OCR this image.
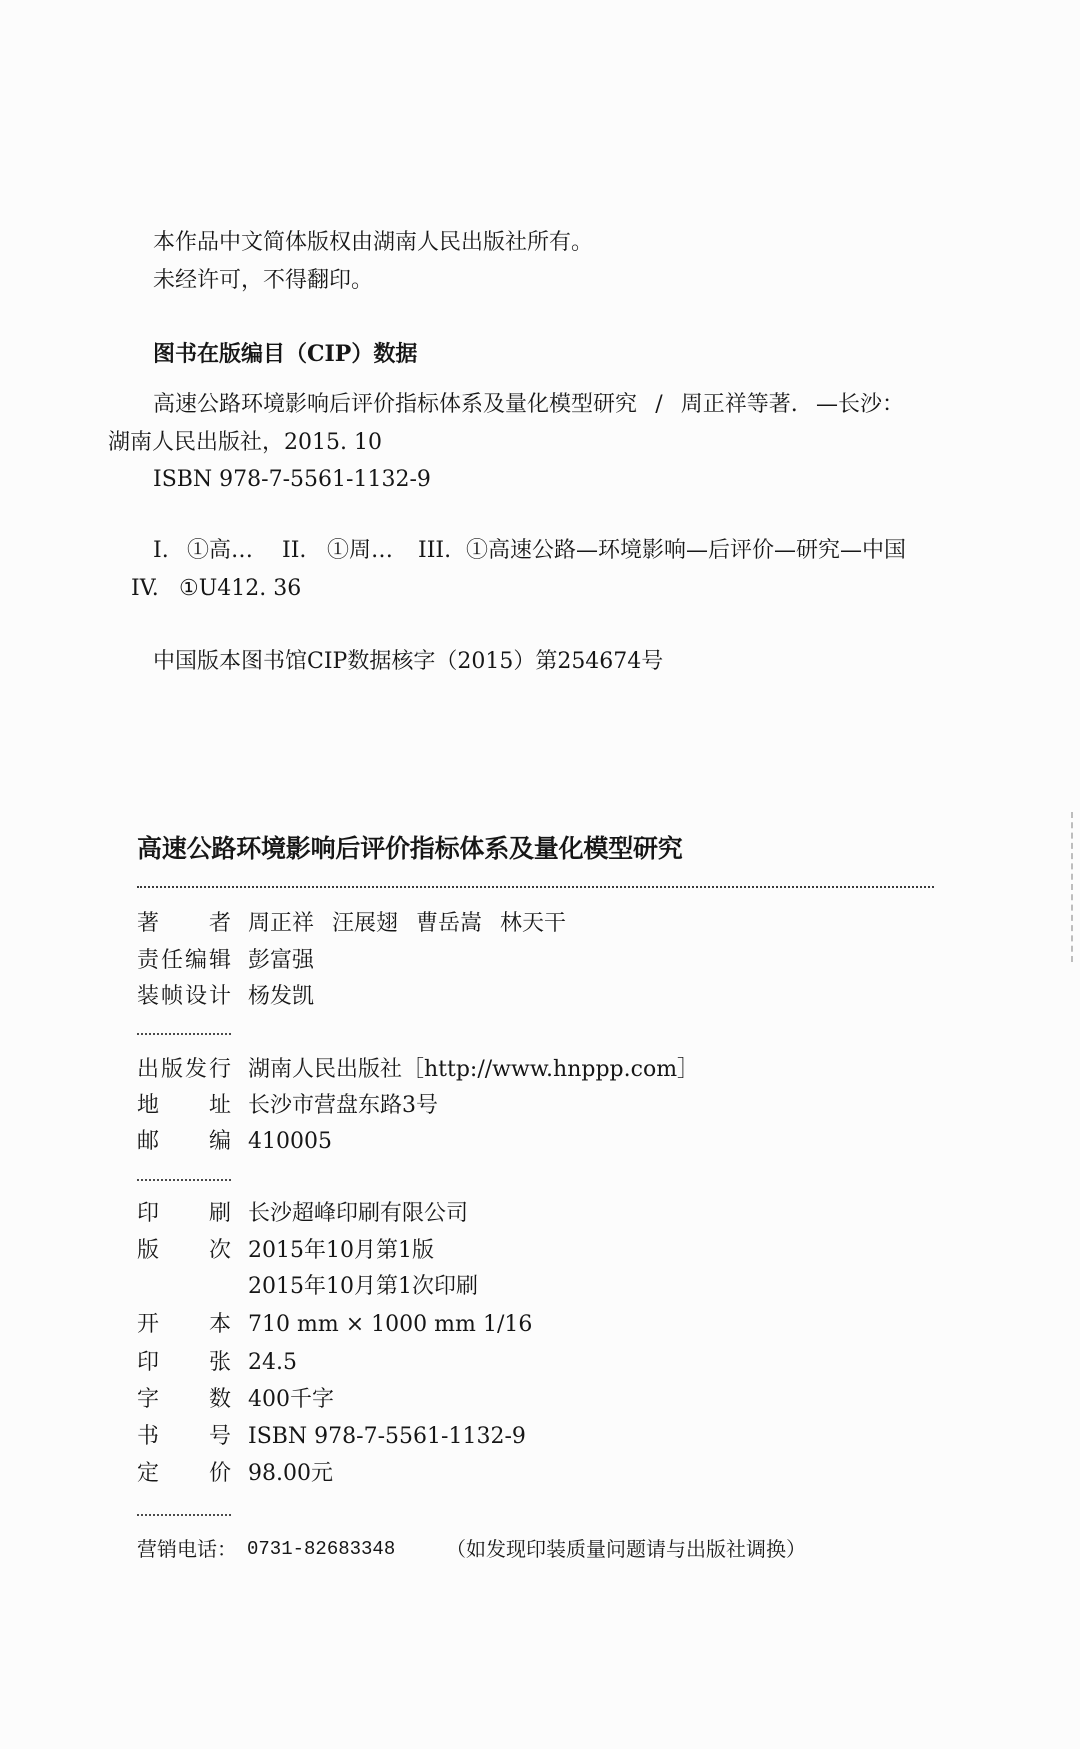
本作品中文简体版权由湖南人民出版社所有。
未经许可，不得翻印。
图书在版编目（CIP）数据
高速公路环境影响后评价指标体系及量化模型研究 / 周正祥等著. —长沙：
湖南人民出版社，2015. 10
ISBN 978-7-5561-1132-9
I. ①高… II. ①周… III. ①高速公路—环境影响—后评价—研究—中国
IV. ①U412. 36
中国版本图书馆CIP数据核字（2015）第254674号
高速公路环境影响后评价指标体系及量化模型研究
著者 周正祥 汪展翅 曹岳嵩 林天干
责任编辑 彭富强
装帧设计 杨发凯
出版发行 湖南人民出版社［http://www.hnppp.com］
地址 长沙市营盘东路3号
邮编 410005
印刷 长沙超峰印刷有限公司
版次 2015年10月第1版
2015年10月第1次印刷
开本 710 mm × 1000 mm 1/16
印张 24.5
字数 400千字
书号 ISBN 978-7-5561-1132-9
定价 98.00元
营销电话： 0731-82683348	（如发现印装质量问题请与出版社调换）
